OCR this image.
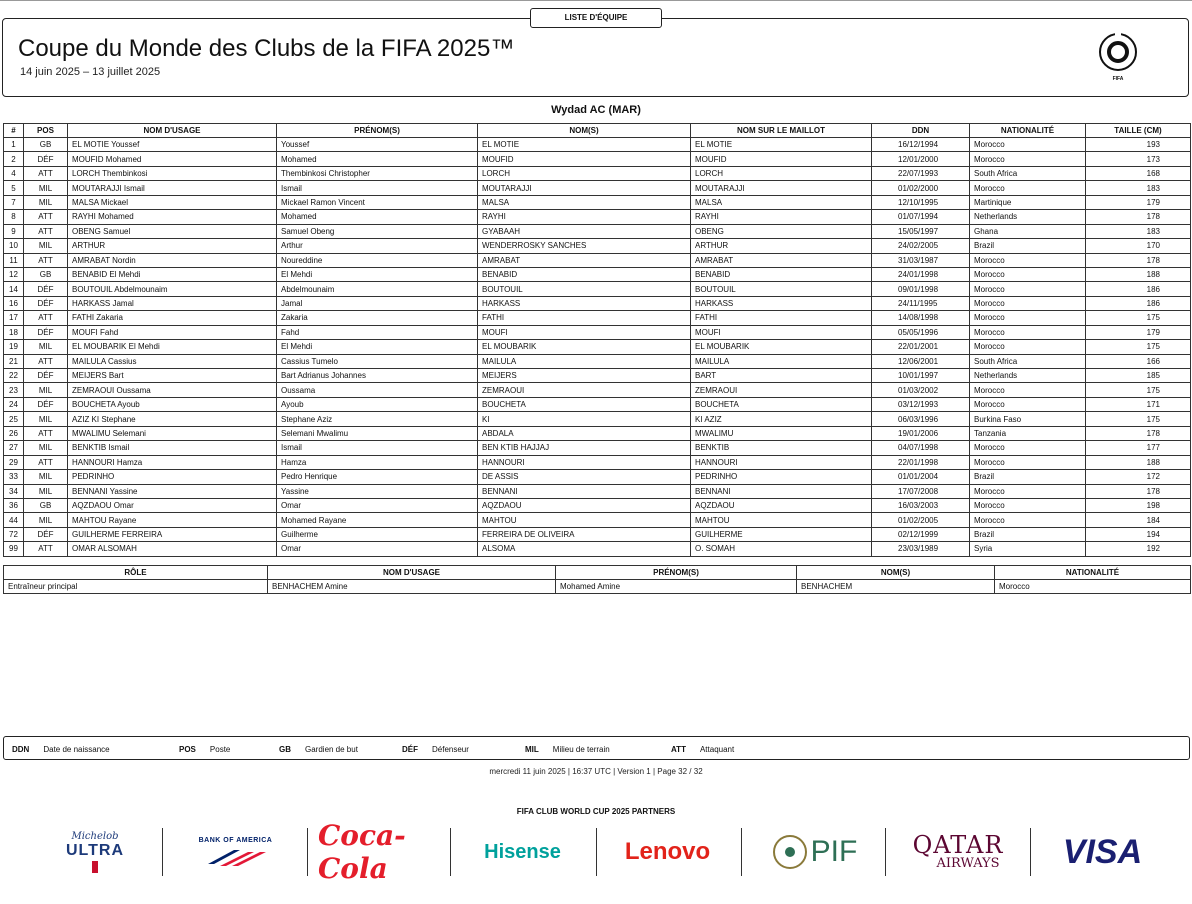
LISTE D'ÉQUIPE
Coupe du Monde des Clubs de la FIFA 2025™
14 juin 2025 – 13 juillet 2025
FIFA
Wydad AC (MAR)
#	POS	NOM D'USAGE	PRÉNOM(S)	NOM(S)	NOM SUR LE MAILLOT	DDN	NATIONALITÉ	TAILLE (CM)
1	GB	EL MOTIE Youssef	Youssef	EL MOTIE	EL MOTIE	16/12/1994	Morocco	193
2	DÉF	MOUFID Mohamed	Mohamed	MOUFID	MOUFID	12/01/2000	Morocco	173
4	ATT	LORCH Thembinkosi	Thembinkosi Christopher	LORCH	LORCH	22/07/1993	South Africa	168
5	MIL	MOUTARAJJI Ismail	Ismail	MOUTARAJJI	MOUTARAJJI	01/02/2000	Morocco	183
7	MIL	MALSA Mickael	Mickael Ramon Vincent	MALSA	MALSA	12/10/1995	Martinique	179
8	ATT	RAYHI Mohamed	Mohamed	RAYHI	RAYHI	01/07/1994	Netherlands	178
9	ATT	OBENG Samuel	Samuel Obeng	GYABAAH	OBENG	15/05/1997	Ghana	183
10	MIL	ARTHUR	Arthur	WENDERROSKY SANCHES	ARTHUR	24/02/2005	Brazil	170
11	ATT	AMRABAT Nordin	Noureddine	AMRABAT	AMRABAT	31/03/1987	Morocco	178
12	GB	BENABID El Mehdi	El Mehdi	BENABID	BENABID	24/01/1998	Morocco	188
14	DÉF	BOUTOUIL Abdelmounaim	Abdelmounaim	BOUTOUIL	BOUTOUIL	09/01/1998	Morocco	186
16	DÉF	HARKASS Jamal	Jamal	HARKASS	HARKASS	24/11/1995	Morocco	186
17	ATT	FATHI Zakaria	Zakaria	FATHI	FATHI	14/08/1998	Morocco	175
18	DÉF	MOUFI Fahd	Fahd	MOUFI	MOUFI	05/05/1996	Morocco	179
19	MIL	EL MOUBARIK El Mehdi	El Mehdi	EL MOUBARIK	EL MOUBARIK	22/01/2001	Morocco	175
21	ATT	MAILULA Cassius	Cassius Tumelo	MAILULA	MAILULA	12/06/2001	South Africa	166
22	DÉF	MEIJERS Bart	Bart Adrianus Johannes	MEIJERS	BART	10/01/1997	Netherlands	185
23	MIL	ZEMRAOUI Oussama	Oussama	ZEMRAOUI	ZEMRAOUI	01/03/2002	Morocco	175
24	DÉF	BOUCHETA Ayoub	Ayoub	BOUCHETA	BOUCHETA	03/12/1993	Morocco	171
25	MIL	AZIZ KI Stephane	Stephane Aziz	KI	KI AZIZ	06/03/1996	Burkina Faso	175
26	ATT	MWALIMU Selemani	Selemani Mwalimu	ABDALA	MWALIMU	19/01/2006	Tanzania	178
27	MIL	BENKTIB Ismail	Ismail	BEN KTIB HAJJAJ	BENKTIB	04/07/1998	Morocco	177
29	ATT	HANNOURI Hamza	Hamza	HANNOURI	HANNOURI	22/01/1998	Morocco	188
33	MIL	PEDRINHO	Pedro Henrique	DE ASSIS	PEDRINHO	01/01/2004	Brazil	172
34	MIL	BENNANI Yassine	Yassine	BENNANI	BENNANI	17/07/2008	Morocco	178
36	GB	AQZDAOU Omar	Omar	AQZDAOU	AQZDAOU	16/03/2003	Morocco	198
44	MIL	MAHTOU Rayane	Mohamed Rayane	MAHTOU	MAHTOU	01/02/2005	Morocco	184
72	DÉF	GUILHERME FERREIRA	Guilherme	FERREIRA DE OLIVEIRA	GUILHERME	02/12/1999	Brazil	194
99	ATT	OMAR ALSOMAH	Omar	ALSOMA	O. SOMAH	23/03/1989	Syria	192
RÔLE	NOM D'USAGE	PRÉNOM(S)	NOM(S)	NATIONALITÉ
Entraîneur principal	BENHACHEM Amine	Mohamed Amine	BENHACHEM	Morocco
DDN Date de naissance	POS Poste	GB Gardien de but	DÉF Défenseur	MIL Milieu de terrain	ATT Attaquant
mercredi 11 juin 2025 | 16:37 UTC | Version 1 | Page 32 / 32
FIFA CLUB WORLD CUP 2025 PARTNERS
Michelob
ULTRA
BANK OF AMERICA Coca-Cola
Hisense	Lenovo	PIF QATAR
AIRWAYS	VISA
